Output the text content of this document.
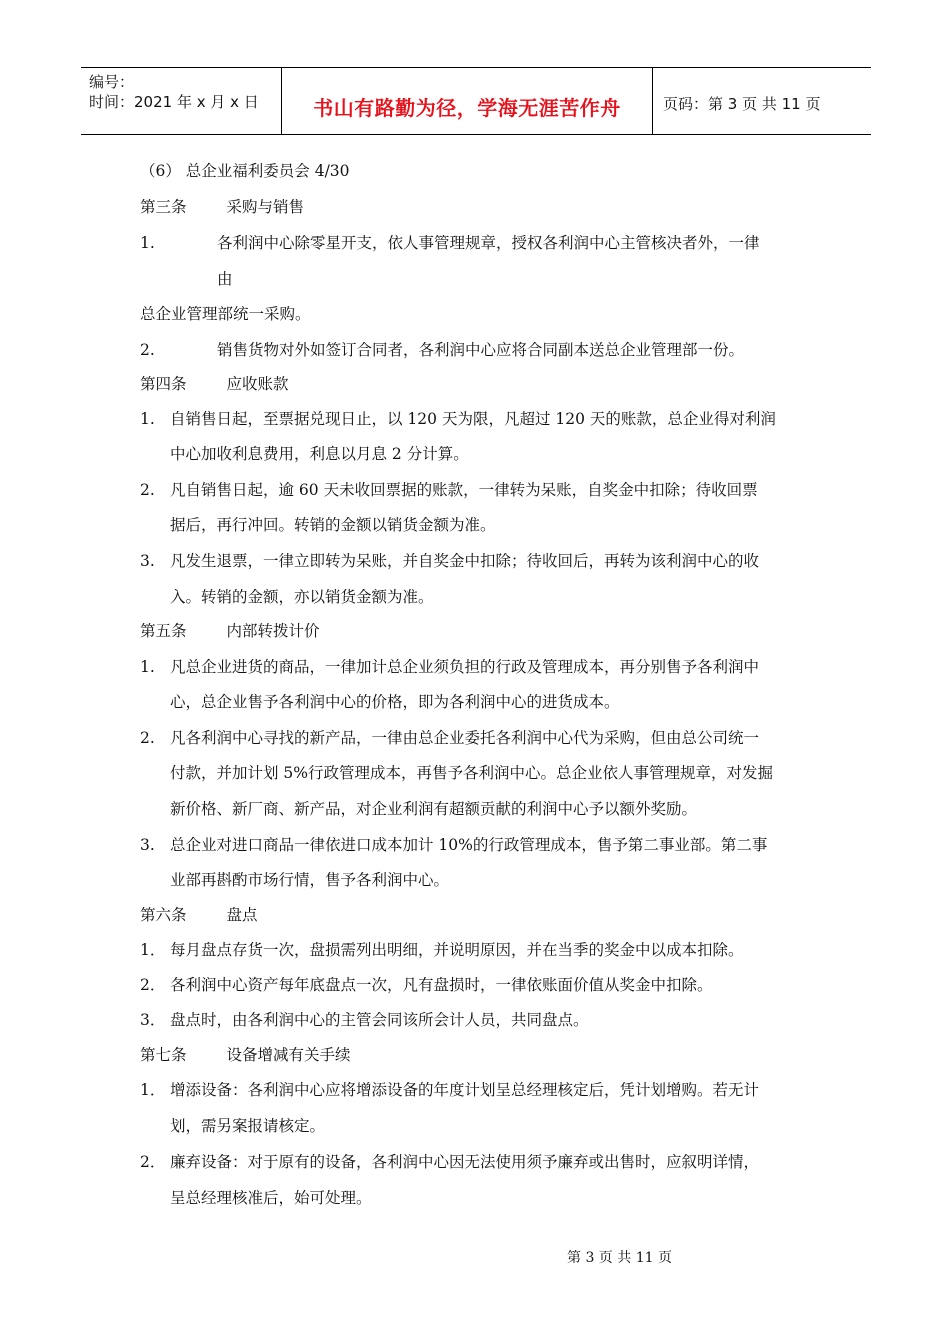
编号：
时间：2021 年 x 月 x 日	书山有路勤为径，学海无涯苦作舟	页码：第 3 页 共 11 页
（6） 总企业福利委员会 4/30
第三条	采购与销售
1.	各利润中心除零星开支，依人事管理规章，授权各利润中心主管核决者外，一律
由
总企业管理部统一采购。
2.	销售货物对外如签订合同者，各利润中心应将合同副本送总企业管理部一份。
第四条	应收账款
1. 自销售日起，至票据兑现日止，以 120 天为限，凡超过 120 天的账款，总企业得对利润
中心加收利息费用，利息以月息 2 分计算。
2. 凡自销售日起，逾 60 天未收回票据的账款，一律转为呆账，自奖金中扣除；待收回票
据后，再行冲回。转销的金额以销货金额为准。
3. 凡发生退票，一律立即转为呆账，并自奖金中扣除；待收回后，再转为该利润中心的收
入。转销的金额，亦以销货金额为准。
第五条	内部转拨计价
1. 凡总企业进货的商品，一律加计总企业须负担的行政及管理成本，再分别售予各利润中
心，总企业售予各利润中心的价格，即为各利润中心的进货成本。
2. 凡各利润中心寻找的新产品，一律由总企业委托各利润中心代为采购，但由总公司统一
付款，并加计划 5%行政管理成本，再售予各利润中心。总企业依人事管理规章，对发掘
新价格、新厂商、新产品，对企业利润有超额贡献的利润中心予以额外奖励。
3. 总企业对进口商品一律依进口成本加计 10%的行政管理成本，售予第二事业部。第二事
业部再斟酌市场行情，售予各利润中心。
第六条	盘点
1． 每月盘点存货一次，盘损需列出明细，并说明原因，并在当季的奖金中以成本扣除。
2． 各利润中心资产每年底盘点一次，凡有盘损时，一律依账面价值从奖金中扣除。
3． 盘点时，由各利润中心的主管会同该所会计人员，共同盘点。
第七条	设备增减有关手续
1． 增添设备：各利润中心应将增添设备的年度计划呈总经理核定后，凭计划增购。若无计
划，需另案报请核定。
2． 廉弃设备：对于原有的设备，各利润中心因无法使用须予廉弃或出售时，应叙明详情，
呈总经理核准后，始可处理。
第 3 页 共 11 页
